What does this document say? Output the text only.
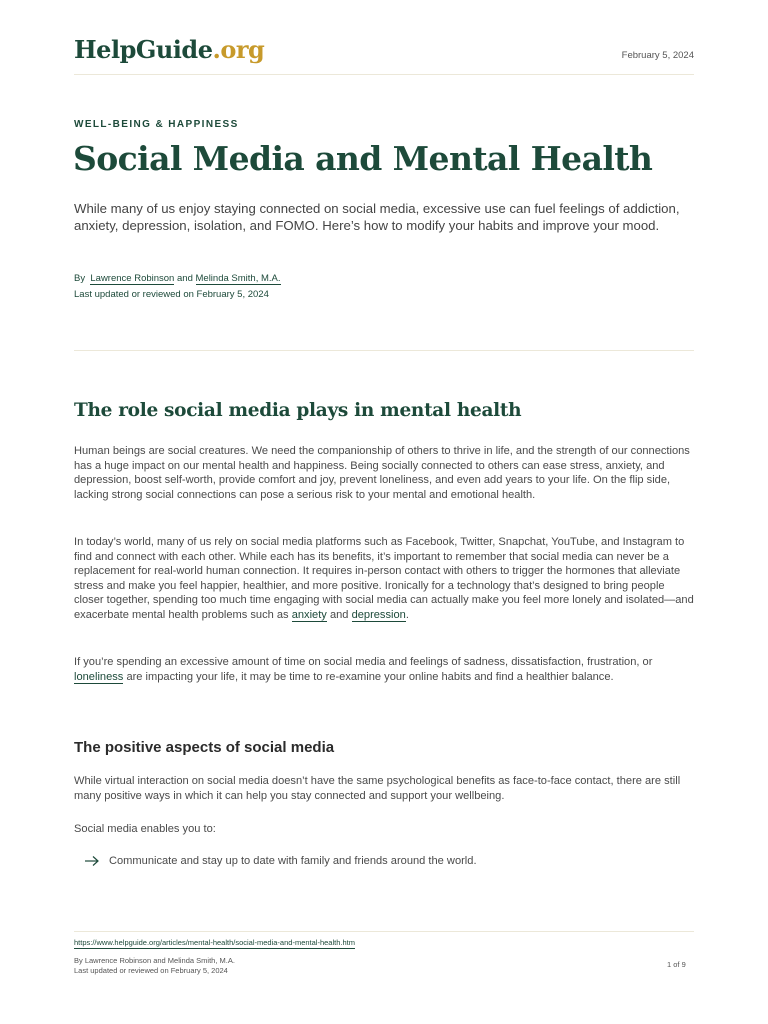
HelpGuide.org	February 5, 2024
WELL-BEING & HAPPINESS
Social Media and Mental Health

While many of us enjoy staying connected on social media, excessive use can fuel feelings of addiction, anxiety, depression, isolation, and FOMO. Here’s how to modify your habits and improve your mood.

By Lawrence Robinson and Melinda Smith, M.A.
Last updated or reviewed on February 5, 2024
The role social media plays in mental health

Human beings are social creatures. We need the companionship of others to thrive in life, and the strength of our connections has a huge impact on our mental health and happiness. Being socially connected to others can ease stress, anxiety, and depression, boost self-worth, provide comfort and joy, prevent loneliness, and even add years to your life. On the flip side, lacking strong social connections can pose a serious risk to your mental and emotional health.

In today’s world, many of us rely on social media platforms such as Facebook, Twitter, Snapchat, YouTube, and Instagram to find and connect with each other. While each has its benefits, it’s important to remember that social media can never be a replacement for real-world human connection. It requires in-person contact with others to trigger the hormones that alleviate stress and make you feel happier, healthier, and more positive. Ironically for a technology that’s designed to bring people closer together, spending too much time engaging with social media can actually make you feel more lonely and isolated—and exacerbate mental health problems such as anxiety and depression.

If you’re spending an excessive amount of time on social media and feelings of sadness, dissatisfaction, frustration, or loneliness are impacting your life, it may be time to re-examine your online habits and find a healthier balance.

The positive aspects of social media

While virtual interaction on social media doesn’t have the same psychological benefits as face-to-face contact, there are still many positive ways in which it can help you stay connected and support your wellbeing.

Social media enables you to:

Communicate and stay up to date with family and friends around the world.
https://www.helpguide.org/articles/mental-health/social-media-and-mental-health.htm
By Lawrence Robinson and Melinda Smith, M.A.
Last updated or reviewed on February 5, 2024
1 of 9
